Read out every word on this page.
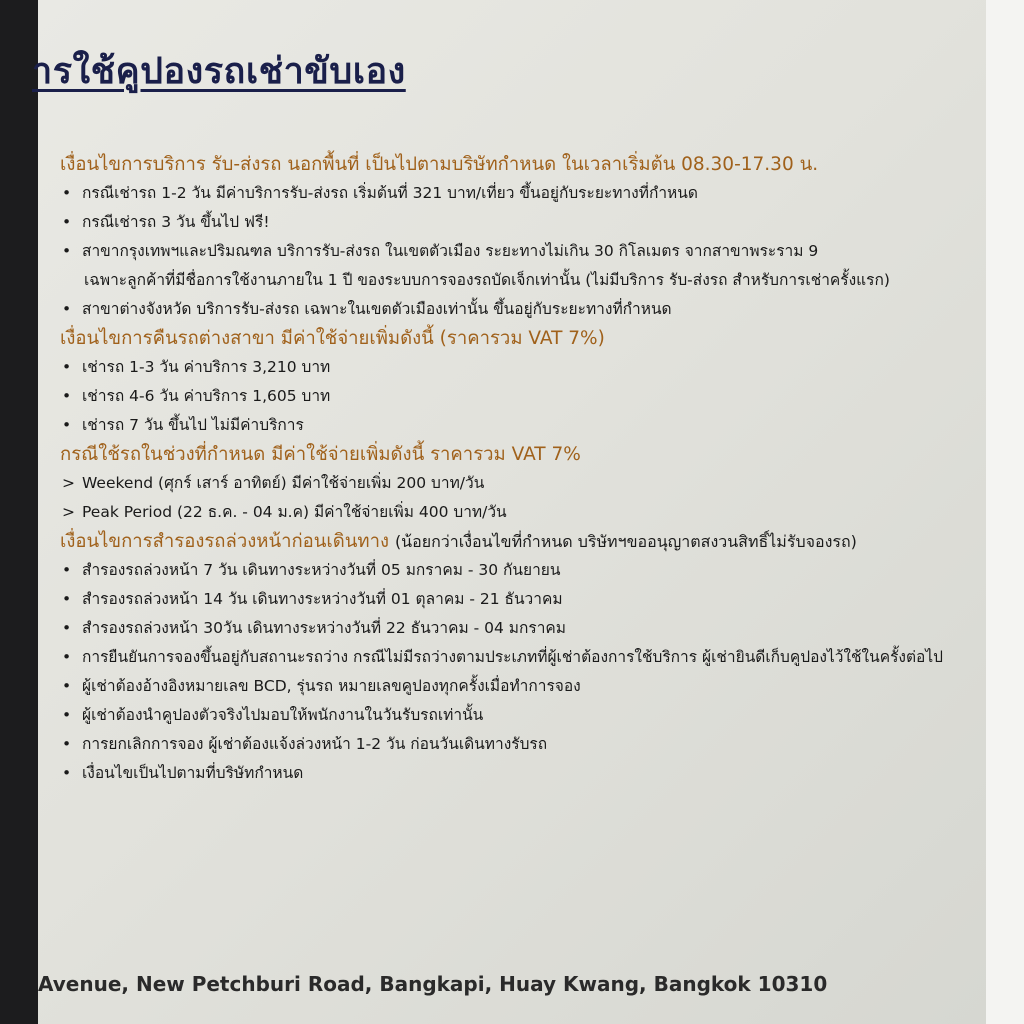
ารใช้คูปองรถเช่าขับเอง
เงื่อนไขการบริการ รับ-ส่งรถ นอกพื้นที่ เป็นไปตามบริษัทกำหนด ในเวลาเริ่มต้น 08.30-17.30 น.
• กรณีเช่ารถ 1-2 วัน มีค่าบริการรับ-ส่งรถ เริ่มต้นที่ 321 บาท/เที่ยว ขึ้นอยู่กับระยะทางที่กำหนด
• กรณีเช่ารถ 3 วัน ขึ้นไป ฟรี!
• สาขากรุงเทพฯและปริมณฑล บริการรับ-ส่งรถ ในเขตตัวเมือง ระยะทางไม่เกิน 30 กิโลเมตร จากสาขาพระราม 9
เฉพาะลูกค้าที่มีชื่อการใช้งานภายใน 1 ปี ของระบบการจองรถบัดเจ็กเท่านั้น (ไม่มีบริการ รับ-ส่งรถ สำหรับการเช่าครั้งแรก)
• สาขาต่างจังหวัด บริการรับ-ส่งรถ เฉพาะในเขตตัวเมืองเท่านั้น ขึ้นอยู่กับระยะทางที่กำหนด
เงื่อนไขการคืนรถต่างสาขา มีค่าใช้จ่ายเพิ่มดังนี้ (ราคารวม VAT 7%)
• เช่ารถ 1-3 วัน ค่าบริการ 3,210 บาท
• เช่ารถ 4-6 วัน ค่าบริการ 1,605 บาท
• เช่ารถ 7 วัน ขึ้นไป ไม่มีค่าบริการ
กรณีใช้รถในช่วงที่กำหนด มีค่าใช้จ่ายเพิ่มดังนี้ ราคารวม VAT 7%
> Weekend (ศุกร์ เสาร์ อาทิตย์) มีค่าใช้จ่ายเพิ่ม 200 บาท/วัน
> Peak Period (22 ธ.ค. - 04 ม.ค) มีค่าใช้จ่ายเพิ่ม 400 บาท/วัน
เงื่อนไขการสำรองรถล่วงหน้าก่อนเดินทาง (น้อยกว่าเงื่อนไขที่กำหนด บริษัทฯขออนุญาตสงวนสิทธิ์ไม่รับจองรถ)
• สำรองรถล่วงหน้า 7 วัน เดินทางระหว่างวันที่ 05 มกราคม - 30 กันยายน
• สำรองรถล่วงหน้า 14 วัน เดินทางระหว่างวันที่ 01 ตุลาคม - 21 ธันวาคม
• สำรองรถล่วงหน้า 30วัน เดินทางระหว่างวันที่ 22 ธันวาคม - 04 มกราคม
• การยืนยันการจองขึ้นอยู่กับสถานะรถว่าง กรณีไม่มีรถว่างตามประเภทที่ผู้เช่าต้องการใช้บริการ ผู้เช่ายินดีเก็บคูปองไว้ใช้ในครั้งต่อไป
• ผู้เช่าต้องอ้างอิงหมายเลข BCD, รุ่นรถ หมายเลขคูปองทุกครั้งเมื่อทำการจอง
• ผู้เช่าต้องนำคูปองตัวจริงไปมอบให้พนักงานในวันรับรถเท่านั้น
• การยกเลิกการจอง ผู้เช่าต้องแจ้งล่วงหน้า 1-2 วัน ก่อนวันเดินทางรับรถ
• เงื่อนไขเป็นไปตามที่บริษัทกำหนด
Avenue, New Petchburi Road, Bangkapi, Huay Kwang, Bangkok 10310
